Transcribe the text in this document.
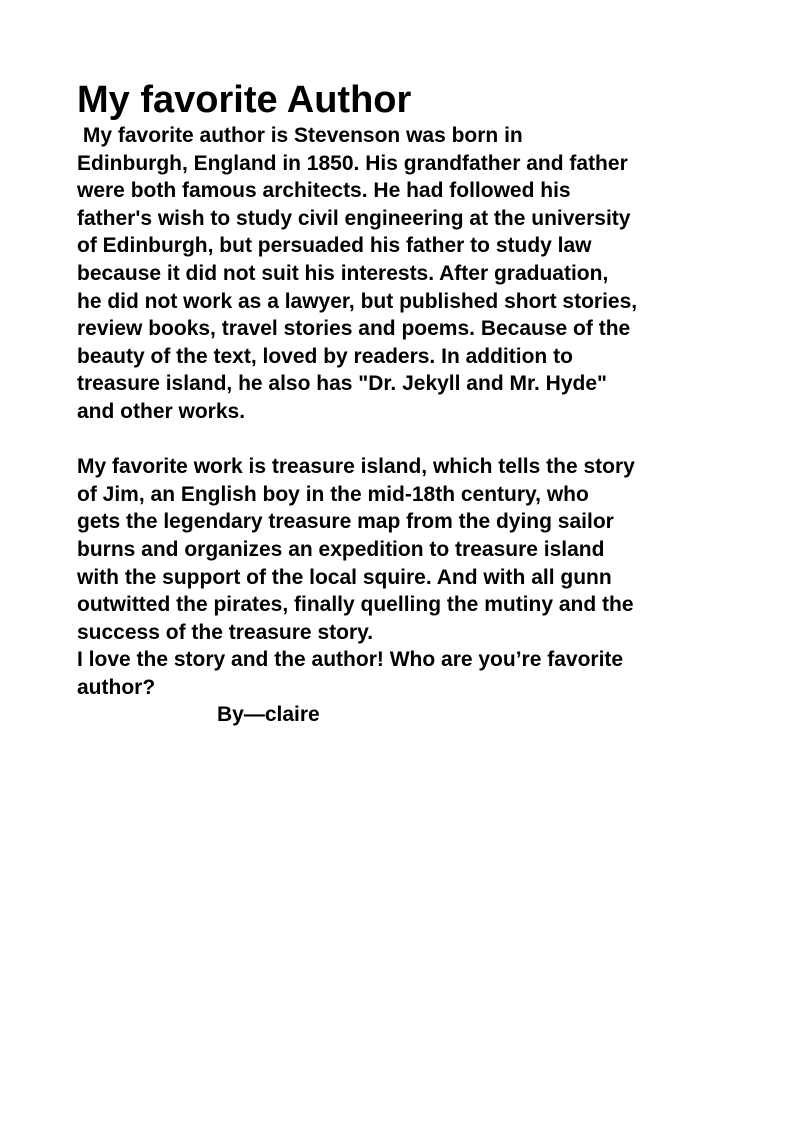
My favorite Author
My favorite author is Stevenson was born in
Edinburgh, England in 1850. His grandfather and father
were both famous architects. He had followed his
father's wish to study civil engineering at the university
of Edinburgh, but persuaded his father to study law
because it did not suit his interests. After graduation,
he did not work as a lawyer, but published short stories,
review books, travel stories and poems. Because of the
beauty of the text, loved by readers. In addition to
treasure island, he also has "Dr. Jekyll and Mr. Hyde"
and other works.
My favorite work is treasure island, which tells the story
of Jim, an English boy in the mid-18th century, who
gets the legendary treasure map from the dying sailor
burns and organizes an expedition to treasure island
with the support of the local squire. And with all gunn
outwitted the pirates, finally quelling the mutiny and the
success of the treasure story.
I love the story and the author! Who are you’re favorite
author?
By—claire
